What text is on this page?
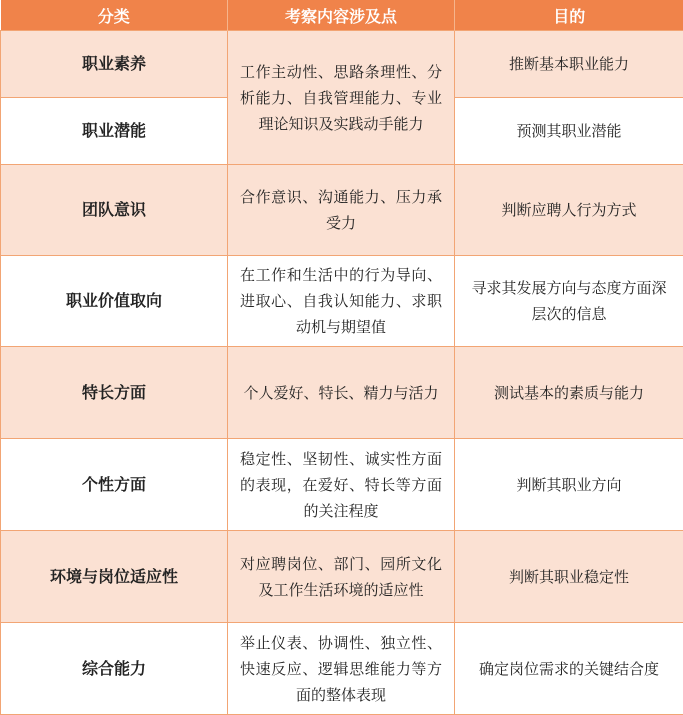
分类	考察内容涉及点	目的
职业素养	工作主动性、思路条理性、分析能力、自我管理能力、专业理论知识及实践动手能力	推断基本职业能力
职业潜能		预测其职业潜能
团队意识	合作意识、沟通能力、压力承受力	判断应聘人行为方式
职业价值取向	在工作和生活中的行为导向、进取心、自我认知能力、求职动机与期望值	寻求其发展方向与态度方面深层次的信息
特长方面	个人爱好、特长、精力与活力	测试基本的素质与能力
个性方面	稳定性、坚韧性、诚实性方面的表现，在爱好、特长等方面的关注程度	判断其职业方向
环境与岗位适应性	对应聘岗位、部门、园所文化及工作生活环境的适应性	判断其职业稳定性
综合能力	举止仪表、协调性、独立性、快速反应、逻辑思维能力等方面的整体表现	确定岗位需求的关键结合度
